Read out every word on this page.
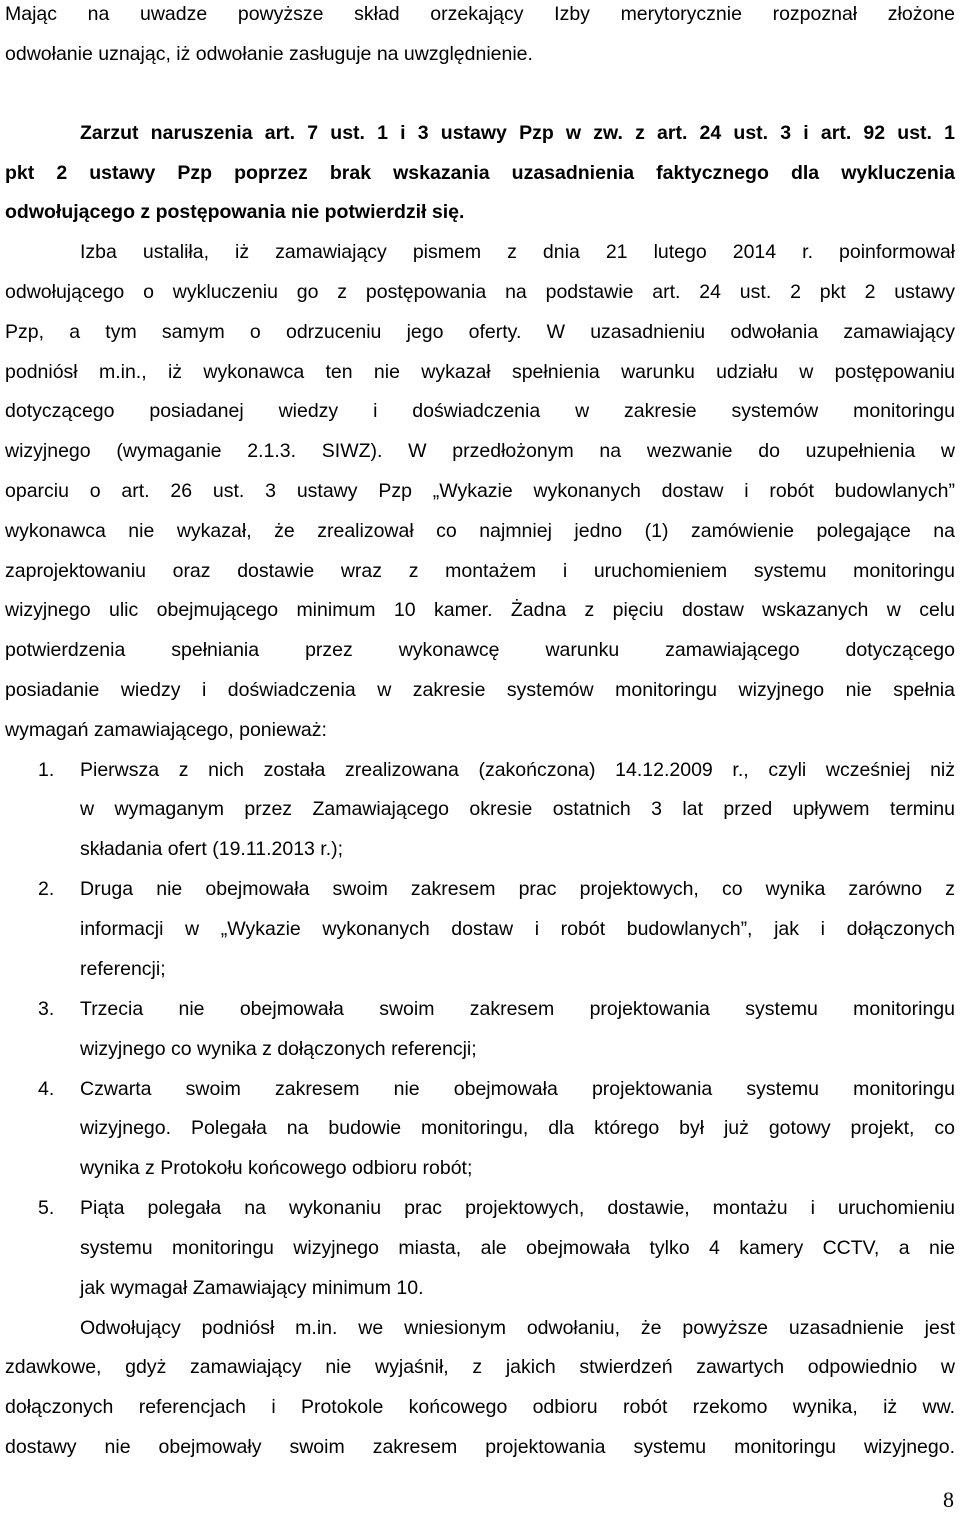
Mając na uwadze powyższe skład orzekający Izby merytorycznie rozpoznał złożone
odwołanie uznając, iż odwołanie zasługuje na uwzględnienie.
Zarzut naruszenia art. 7 ust. 1 i 3 ustawy Pzp w zw. z art. 24 ust. 3 i art. 92 ust. 1
pkt 2 ustawy Pzp poprzez brak wskazania uzasadnienia faktycznego dla wykluczenia
odwołującego z postępowania nie potwierdził się.
Izba ustaliła, iż zamawiający pismem z dnia 21 lutego 2014 r. poinformował
odwołującego o wykluczeniu go z postępowania na podstawie art. 24 ust. 2 pkt 2 ustawy
Pzp, a tym samym o odrzuceniu jego oferty. W uzasadnieniu odwołania zamawiający
podniósł m.in., iż wykonawca ten nie wykazał spełnienia warunku udziału w postępowaniu
dotyczącego posiadanej wiedzy i doświadczenia w zakresie systemów monitoringu
wizyjnego (wymaganie 2.1.3. SIWZ). W przedłożonym na wezwanie do uzupełnienia w
oparciu o art. 26 ust. 3 ustawy Pzp „Wykazie wykonanych dostaw i robót budowlanych”
wykonawca nie wykazał, że zrealizował co najmniej jedno (1) zamówienie polegające na
zaprojektowaniu oraz dostawie wraz z montażem i uruchomieniem systemu monitoringu
wizyjnego ulic obejmującego minimum 10 kamer. Żadna z pięciu dostaw wskazanych w celu
potwierdzenia spełniania przez wykonawcę warunku zamawiającego dotyczącego
posiadanie wiedzy i doświadczenia w zakresie systemów monitoringu wizyjnego nie spełnia
wymagań zamawiającego, ponieważ:
1. Pierwsza z nich została zrealizowana (zakończona) 14.12.2009 r., czyli wcześniej niż
w wymaganym przez Zamawiającego okresie ostatnich 3 lat przed upływem terminu
składania ofert (19.11.2013 r.);
2. Druga nie obejmowała swoim zakresem prac projektowych, co wynika zarówno z
informacji w „Wykazie wykonanych dostaw i robót budowlanych”, jak i dołączonych
referencji;
3. Trzecia nie obejmowała swoim zakresem projektowania systemu monitoringu
wizyjnego co wynika z dołączonych referencji;
4. Czwarta swoim zakresem nie obejmowała projektowania systemu monitoringu
wizyjnego. Polegała na budowie monitoringu, dla którego był już gotowy projekt, co
wynika z Protokołu końcowego odbioru robót;
5. Piąta polegała na wykonaniu prac projektowych, dostawie, montażu i uruchomieniu
systemu monitoringu wizyjnego miasta, ale obejmowała tylko 4 kamery CCTV, a nie
jak wymagał Zamawiający minimum 10.
Odwołujący podniósł m.in. we wniesionym odwołaniu, że powyższe uzasadnienie jest
zdawkowe, gdyż zamawiający nie wyjaśnił, z jakich stwierdzeń zawartych odpowiednio w
dołączonych referencjach i Protokole końcowego odbioru robót rzekomo wynika, iż ww.
dostawy nie obejmowały swoim zakresem projektowania systemu monitoringu wizyjnego.
8
